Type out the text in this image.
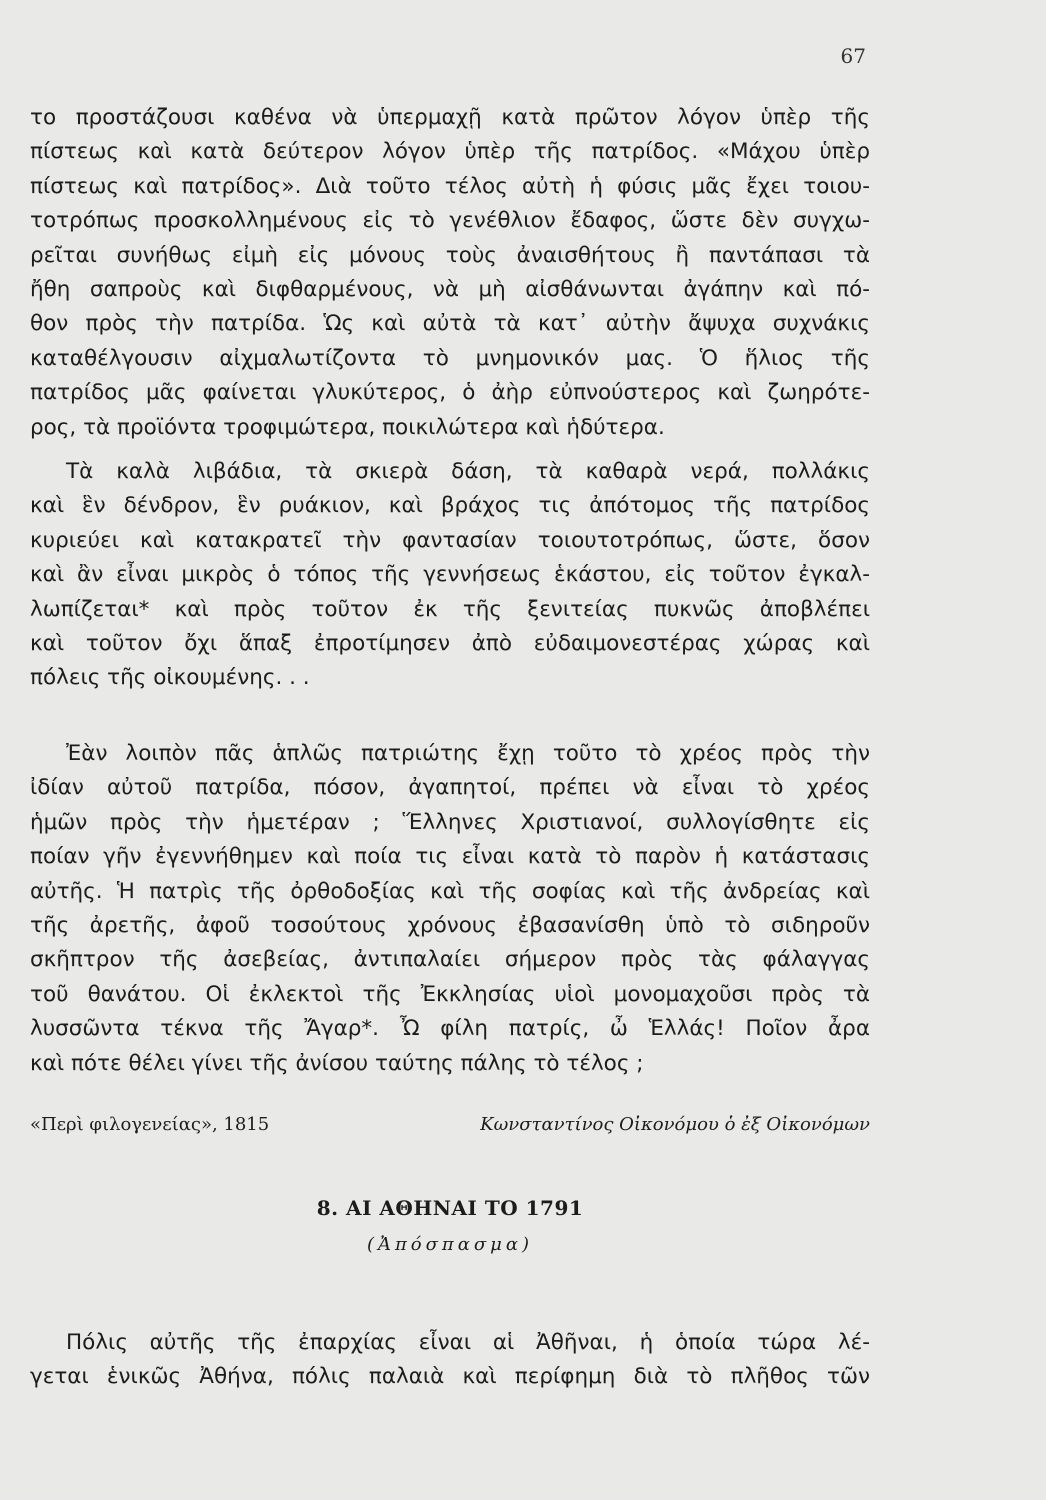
67
το προστάζουσι καθένα νὰ ὑπερμαχῇ κατὰ πρῶτον λόγον ὑπὲρ τῆς
πίστεως καὶ κατὰ δεύτερον λόγον ὑπὲρ τῆς πατρίδος. «Μάχου ὑπὲρ
πίστεως καὶ πατρίδος». Διὰ τοῦτο τέλος αὐτὴ ἡ φύσις μᾶς ἔχει τοιου-
τοτρόπως προσκολλημένους εἰς τὸ γενέθλιον ἔδαφος, ὥστε δὲν συγχω-
ρεῖται συνήθως εἰμὴ εἰς μόνους τοὺς ἀναισθήτους ἢ παντάπασι τὰ
ἤθη σαπροὺς καὶ διφθαρμένους, νὰ μὴ αἰσθάνωνται ἀγάπην καὶ πό-
θον πρὸς τὴν πατρίδα. Ὡς καὶ αὐτὰ τὰ κατ᾽ αὐτὴν ἄψυχα συχνάκις
καταθέλγουσιν αἰχμαλωτίζοντα τὸ μνημονικόν μας. Ὁ ἥλιος τῆς
πατρίδος μᾶς φαίνεται γλυκύτερος, ὁ ἀὴρ εὐπνούστερος καὶ ζωηρότε-
ρος, τὰ προϊόντα τροφιμώτερα, ποικιλώτερα καὶ ἡδύτερα.
Τὰ καλὰ λιβάδια, τὰ σκιερὰ δάση, τὰ καθαρὰ νερά, πολλάκις
καὶ ἓν δένδρον, ἓν ρυάκιον, καὶ βράχος τις ἀπότομος τῆς πατρίδος
κυριεύει καὶ κατακρατεῖ τὴν φαντασίαν τοιουτοτρόπως, ὥστε, ὅσον
καὶ ἂν εἶναι μικρὸς ὁ τόπος τῆς γεννήσεως ἑκάστου, εἰς τοῦτον ἐγκαλ-
λωπίζεται* καὶ πρὸς τοῦτον ἐκ τῆς ξενιτείας πυκνῶς ἀποβλέπει
καὶ τοῦτον ὄχι ἅπαξ ἐπροτίμησεν ἀπὸ εὐδαιμονεστέρας χώρας καὶ
πόλεις τῆς οἰκουμένης. . .
Ἐὰν λοιπὸν πᾶς ἁπλῶς πατριώτης ἔχῃ τοῦτο τὸ χρέος πρὸς τὴν
ἰδίαν αὐτοῦ πατρίδα, πόσον, ἀγαπητοί, πρέπει νὰ εἶναι τὸ χρέος
ἡμῶν πρὸς τὴν ἡμετέραν ; Ἕλληνες Χριστιανοί, συλλογίσθητε εἰς
ποίαν γῆν ἐγεννήθημεν καὶ ποία τις εἶναι κατὰ τὸ παρὸν ἡ κατάστασις
αὐτῆς. Ἡ πατρὶς τῆς ὀρθοδοξίας καὶ τῆς σοφίας καὶ τῆς ἀνδρείας καὶ
τῆς ἀρετῆς, ἀφοῦ τοσούτους χρόνους ἐβασανίσθη ὑπὸ τὸ σιδηροῦν
σκῆπτρον τῆς ἀσεβείας, ἀντιπαλαίει σήμερον πρὸς τὰς φάλαγγας
τοῦ θανάτου. Οἱ ἐκλεκτοὶ τῆς Ἐκκλησίας υἱοὶ μονομαχοῦσι πρὸς τὰ
λυσσῶντα τέκνα τῆς Ἄγαρ*. Ὦ φίλη πατρίς, ὦ Ἑλλάς! Ποῖον ἆρα
καὶ πότε θέλει γίνει τῆς ἀνίσου ταύτης πάλης τὸ τέλος ;
«Περὶ φιλογενείας», 1815	Κωνσταντίνος Οἰκονόμου ὁ ἐξ Οἰκονόμων
8. ΑΙ ΑΘΗΝΑΙ ΤΟ 1791
(Ἀπόσπασμα)
Πόλις αὐτῆς τῆς ἐπαρχίας εἶναι αἱ Ἀθῆναι, ἡ ὁποία τώρα λέ-
γεται ἑνικῶς Ἀθήνα, πόλις παλαιὰ καὶ περίφημη διὰ τὸ πλῆθος τῶν
